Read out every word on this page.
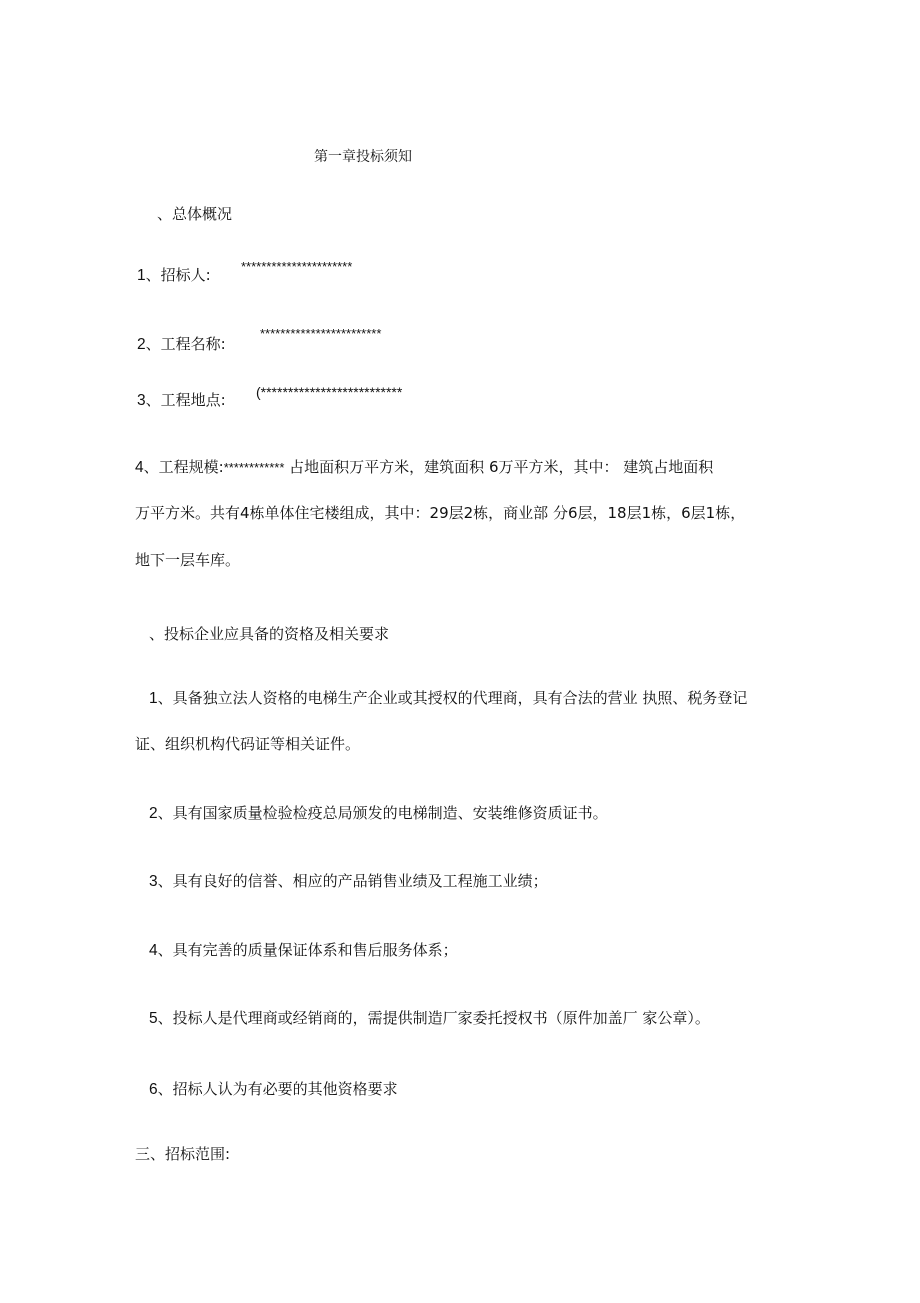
第一章投标须知
、总体概况
1、招标人: **********************
2、工程名称:
************************
3、工程地点: (**************************
4、工程规模:************ 占地面积万平方米，建筑面积 6万平方米，其中： 建筑占地面积
万平方米。共有4栋单体住宅楼组成，其中：29层2栋，商业部 分6层，18层1栋，6层1栋，
地下一层车库。
、投标企业应具备的资格及相关要求
1、具备独立法人资格的电梯生产企业或其授权的代理商，具有合法的营业 执照、税务登记
证、组织机构代码证等相关证件。
2、具有国家质量检验检疫总局颁发的电梯制造、安装维修资质证书。
3、具有良好的信誉、相应的产品销售业绩及工程施工业绩；
4、具有完善的质量保证体系和售后服务体系；
5、投标人是代理商或经销商的，需提供制造厂家委托授权书（原件加盖厂 家公章）。
6、招标人认为有必要的其他资格要求
三、招标范围:
